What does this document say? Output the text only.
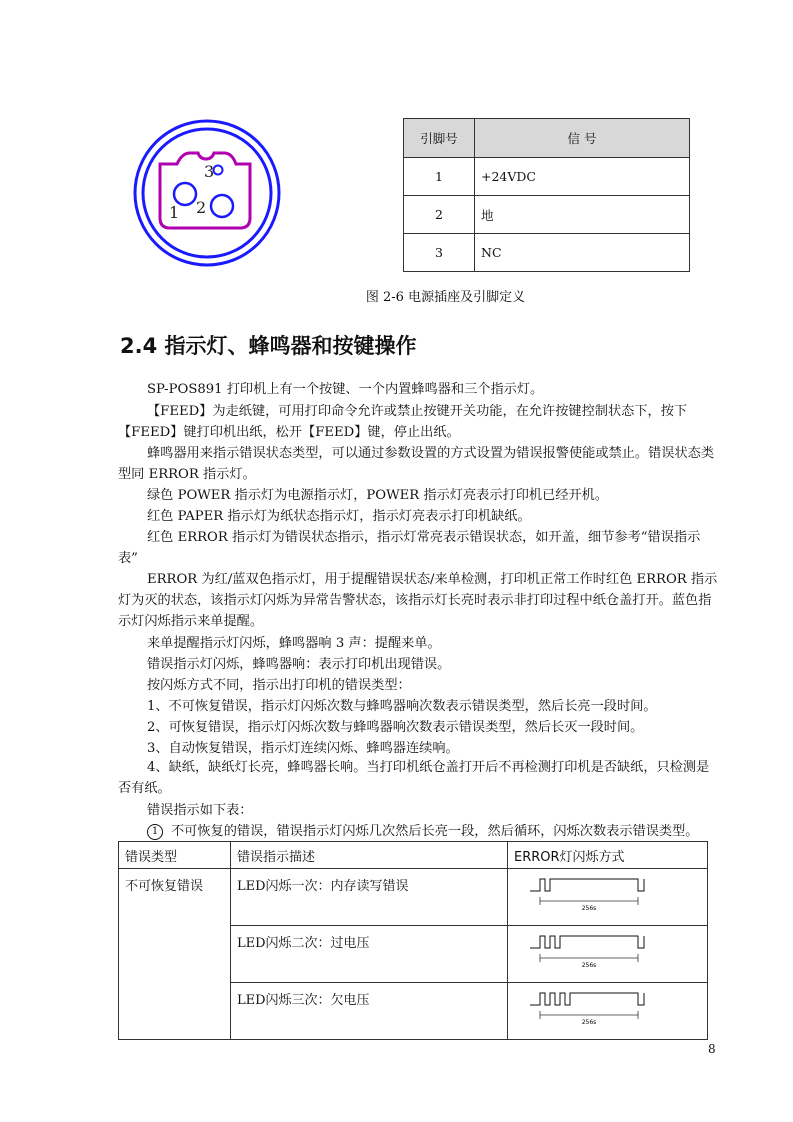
1 2
3
引脚号	信 号
1	+24VDC
2	地
3	NC
图 2-6 电源插座及引脚定义
2.4 指示灯、蜂鸣器和按键操作

SP-POS891 打印机上有一个按键、一个内置蜂鸣器和三个指示灯。

【FEED】为走纸键，可用打印命令允许或禁止按键开关功能，在允许按键控制状态下，按下【FEED】键打印机出纸，松开【FEED】键，停止出纸。

蜂鸣器用来指示错误状态类型，可以通过参数设置的方式设置为错误报警使能或禁止。错误状态类型同 ERROR 指示灯。

绿色 POWER 指示灯为电源指示灯，POWER 指示灯亮表示打印机已经开机。

红色 PAPER 指示灯为纸状态指示灯，指示灯亮表示打印机缺纸。

红色 ERROR 指示灯为错误状态指示，指示灯常亮表示错误状态，如开盖，细节参考“错误指示表”

ERROR 为红/蓝双色指示灯，用于提醒错误状态/来单检测，打印机正常工作时红色 ERROR 指示灯为灭的状态，该指示灯闪烁为异常告警状态，该指示灯长亮时表示非打印过程中纸仓盖打开。蓝色指示灯闪烁指示来单提醒。

来单提醒指示灯闪烁，蜂鸣器响 3 声：提醒来单。
错误指示灯闪烁，蜂鸣器响：表示打印机出现错误。
按闪烁方式不同，指示出打印机的错误类型：
1、不可恢复错误，指示灯闪烁次数与蜂鸣器响次数表示错误类型，然后长亮一段时间。
2、可恢复错误，指示灯闪烁次数与蜂鸣器响次数表示错误类型，然后长灭一段时间。
3、自动恢复错误，指示灯连续闪烁、蜂鸣器连续响。

4、缺纸，缺纸灯长亮，蜂鸣器长响。当打印机纸仓盖打开后不再检测打印机是否缺纸，只检测是否有纸。

错误指示如下表：
1 不可恢复的错误，错误指示灯闪烁几次然后长亮一段，然后循环，闪烁次数表示错误类型。
错误类型	错误指示描述	ERROR灯闪烁方式
不可恢复错误	LED闪烁一次：内存读写错误	256s

	LED闪烁二次：过电压	256s

	LED闪烁三次：欠电压	256s
8
